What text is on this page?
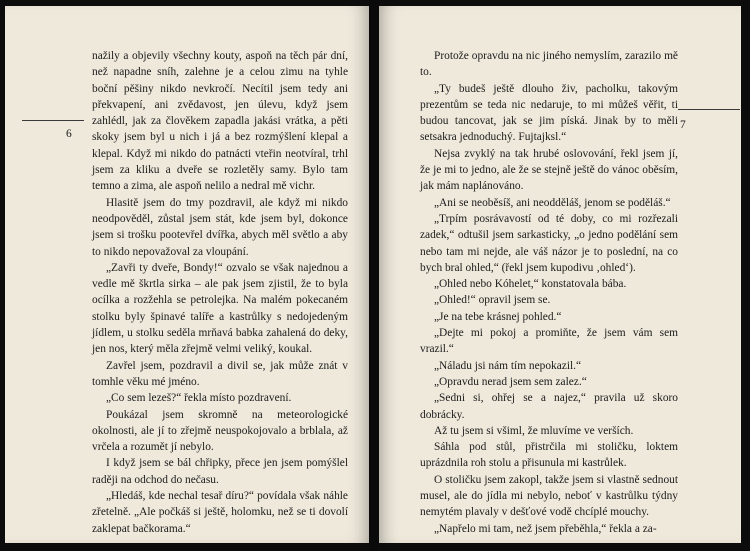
6

nažily a objevily všechny kouty, aspoň na těch pár dní, než napadne sníh, zalehne je a celou zimu na tyhle boční pěšiny nikdo nevkročí. Necítil jsem tedy ani překvapení, ani zvědavost, jen úlevu, když jsem zahlédl, jak za člověkem zapadla jakási vrátka, a pěti skoky jsem byl u nich i já a bez rozmýšlení klepal a klepal. Když mi nikdo do patnácti vteřin neotvíral, trhl jsem za kliku a dveře se rozletěly samy. Bylo tam temno a zima, ale aspoň nelilo a nedral mě vichr.

Hlasitě jsem do tmy pozdravil, ale když mi nikdo neodpověděl, zůstal jsem stát, kde jsem byl, dokonce jsem si trošku pootevřel dvířka, abych měl světlo a aby to nikdo nepovažoval za vloupání.

„Zavři ty dveře, Bondy!“ ozvalo se však najednou a vedle mě škrtla sirka – ale pak jsem zjistil, že to byla ocílka a rozžehla se petrolejka. Na malém pokecaném stolku byly špinavé talíře a kastrůlky s nedojedeným jídlem, u stolku seděla mrňavá babka zahalená do deky, jen nos, který měla zřejmě velmi veliký, koukal.

Zavřel jsem, pozdravil a divil se, jak může znát v tomhle věku mé jméno.

„Co sem lezeš?“ řekla místo pozdravení.

Poukázal jsem skromně na meteorologické okolnosti, ale jí to zřejmě neuspokojovalo a brblala, až vrčela a rozumět jí nebylo.

I když jsem se bál chřipky, přece jen jsem pomýšlel raději na odchod do nečasu.

„Hledáš, kde nechal tesař díru?“ povídala však náhle zřetelně. „Ale počkáš si ještě, holomku, než se ti dovolí zaklepat bačkorama.“

7

Protože opravdu na nic jiného nemyslím, zarazilo mě to.

„Ty budeš ještě dlouho živ, pacholku, takovým prezentům se teda nic nedaruje, to mi můžeš věřit, ti budou tancovat, jak se jim píská. Jinak by to měli setsakra jednoduchý. Fujtajksl.“

Nejsa zvyklý na tak hrubé oslovování, řekl jsem jí, že je mi to jedno, ale že se stejně ještě do vánoc oběsím, jak mám naplánováno.

„Ani se neoběsíš, ani neodděláš, jenom se poděláš.“

„Trpím posrávavostí od té doby, co mi rozřezali zadek,“ odtušil jsem sarkasticky, „o jedno podělání sem nebo tam mi nejde, ale váš názor je to poslední, na co bych bral ohled,“ (řekl jsem kupodivu ‚ohled‘).

„Ohled nebo Kóhelet,“ konstatovala bába.

„Ohled!“ opravil jsem se.

„Je na tebe krásnej pohled.“

„Dejte mi pokoj a promiňte, že jsem vám sem vrazil.“

„Náladu jsi nám tím nepokazil.“

„Opravdu nerad jsem sem zalez.“

„Sedni si, ohřej se a najez,“ pravila už skoro dobrácky.

Až tu jsem si všiml, že mluvíme ve verších.

Sáhla pod stůl, přistrčila mi stoličku, loktem uprázdnila roh stolu a přisunula mi kastrůlek.

O stoličku jsem zakopl, takže jsem si vlastně sednout musel, ale do jídla mi nebylo, neboť v kastrůlku týdny nemytém plavaly v dešťové vodě chcíplé mouchy.

„Napřelo mi tam, než jsem přeběhla,“ řekla a za-
